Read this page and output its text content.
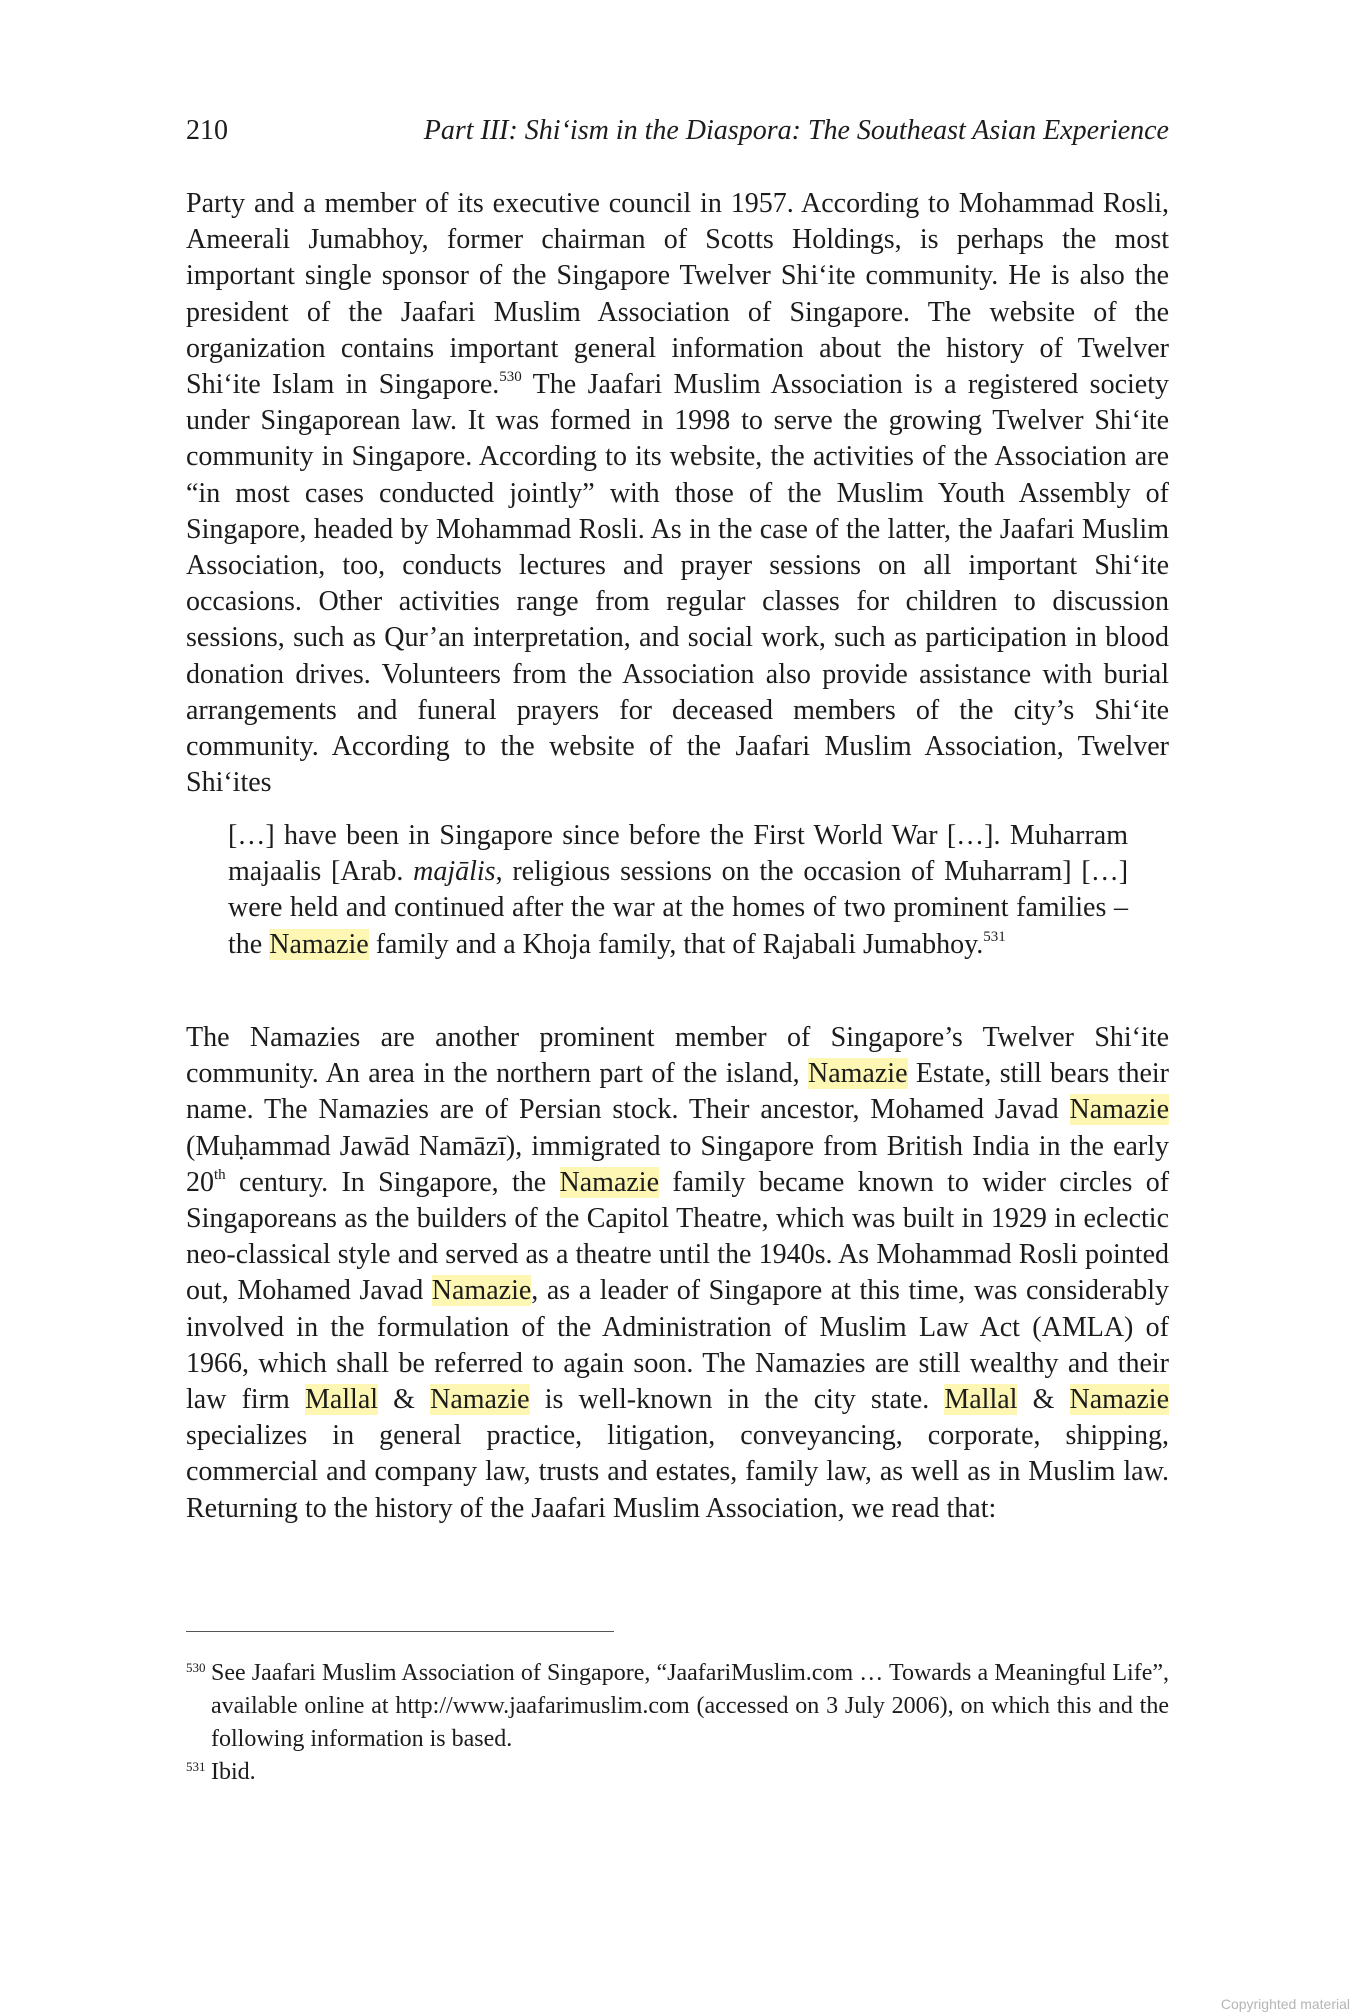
210	Part III: Shi‘ism in the Diaspora: The Southeast Asian Experience

Party and a member of its executive council in 1957. According to Mohammad Rosli, Ameerali Jumabhoy, former chairman of Scotts Holdings, is perhaps the most important single sponsor of the Singapore Twelver Shi‘ite community. He is also the president of the Jaafari Muslim Association of Singapore. The website of the organization contains important general information about the history of Twelver Shi‘ite Islam in Singapore.$^{530}$ The Jaafari Muslim Association is a registered society under Singaporean law. It was formed in 1998 to serve the growing Twelver Shi‘ite community in Singapore. According to its website, the activities of the Association are “in most cases conducted jointly” with those of the Muslim Youth Assembly of Singapore, headed by Mohammad Rosli. As in the case of the latter, the Jaafari Muslim Association, too, conducts lectures and prayer sessions on all important Shi‘ite occasions. Other activities range from regular classes for children to discussion sessions, such as Qur’an interpretation, and social work, such as participation in blood donation drives. Volunteers from the Association also provide assistance with burial arrangements and funeral prayers for deceased members of the city’s Shi‘ite community. According to the website of the Jaafari Muslim Association, Twelver Shi‘ites

[…] have been in Singapore since before the First World War […]. Muharram majaalis [Arab. majālis, religious sessions on the occasion of Muharram] […] were held and continued after the war at the homes of two prominent families – the Namazie family and a Khoja family, that of Rajabali Jumabhoy.$^{531}$

The Namazies are another prominent member of Singapore’s Twelver Shi‘ite community. An area in the northern part of the island, Namazie Estate, still bears their name. The Namazies are of Persian stock. Their ancestor, Mohamed Javad Namazie (Muḥammad Jawād Namāzī), immigrated to Singapore from British India in the early 20th century. In Singapore, the Namazie family became known to wider circles of Singaporeans as the builders of the Capitol Theatre, which was built in 1929 in eclectic neo-classical style and served as a theatre until the 1940s. As Mohammad Rosli pointed out, Mohamed Javad Namazie, as a leader of Singapore at this time, was considerably involved in the formulation of the Administration of Muslim Law Act (AMLA) of 1966, which shall be referred to again soon. The Namazies are still wealthy and their law firm Mallal & Namazie is well-known in the city state. Mallal & Namazie specializes in general practice, litigation, conveyancing, corporate, shipping, commercial and company law, trusts and estates, family law, as well as in Muslim law. Returning to the history of the Jaafari Muslim Association, we read that:

530 See Jaafari Muslim Association of Singapore, “JaafariMuslim.com … Towards a Meaningful Life”, available online at http://www.jaafarimuslim.com (accessed on 3 July 2006), on which this and the following information is based.
531 Ibid.
Copyrighted material
